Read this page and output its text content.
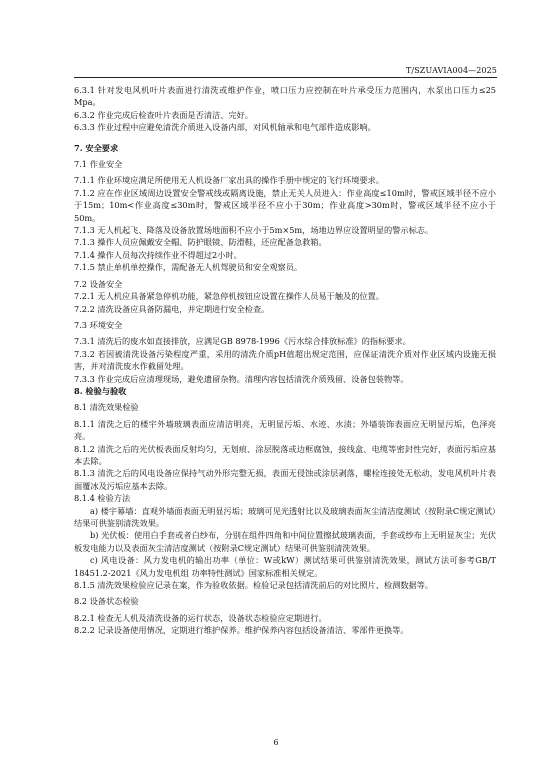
T/SZUAVIA004—2025

6.3.1 针对发电风机叶片表面进行清洗或维护作业，喷口压力应控制在叶片承受压力范围内，水泵出口压力≤25 Mpa。

6.3.2 作业完成后检查叶片表面是否清洁、完好。

6.3.3 作业过程中应避免清洗介质进入设备内部，对风机轴承和电气部件造成影响。

7. 安全要求

7.1 作业安全

7.1.1 作业环境应满足所使用无人机设备厂家出具的操作手册中规定的飞行环境要求。

7.1.2 应在作业区域周边设置安全警戒线或隔离设施，禁止无关人员进入：作业高度≤10m时，警戒区域半径不应小于15m；10m<作业高度≤30m时，警戒区域半径不应小于30m；作业高度>30m时，警戒区域半径不应小于50m。

7.1.3 无人机起飞、降落及设备放置场地面积不应小于5m×5m，场地边界应设置明显的警示标志。

7.1.3 操作人员应佩戴安全帽、防护眼镜、防滑鞋，还应配备急救箱。

7.1.4 操作人员每次持续作业不得超过2小时。

7.1.5 禁止单机单控操作，需配备无人机驾驶员和安全观察员。

7.2 设备安全

7.2.1 无人机应具备紧急停机功能，紧急停机按钮应设置在操作人员易于触及的位置。

7.2.2 清洗设备应具备防漏电，并定期进行安全检查。

7.3 环境安全

7.3.1 清洗后的废水如直接排放，应满足GB 8978-1996《污水综合排放标准》的指标要求。

7.3.2 若因被清洗设备污染程度严重，采用的清洗介质pH值超出规定范围，应保证清洗介质对作业区域内设施无损害，并对清洗废水作截留处理。

7.3.3 作业完成后应清理现场，避免遗留杂物。清理内容包括清洗介质残留、设备包装物等。

8. 检验与验收

8.1 清洗效果检验

8.1.1 清洗之后的楼宇外墙玻璃表面应清洁明亮，无明显污垢、水迹、水渍；外墙装饰表面应无明显污垢，色泽亮亮。

8.1.2 清洗之后的光伏板表面反射均匀，无划痕、涂层脱落或边框腐蚀，接线盒、电缆等密封性完好，表面污垢应基本去除。

8.1.3 清洗之后的风电设备应保持气动外形完整无损，表面无侵蚀或涂层剥落，螺栓连接处无松动，发电风机叶片表面覆冰及污垢应基本去除。

8.1.4 检验方法

a) 楼宇幕墙：直观外墙面表面无明显污垢；玻璃可见光透射比以及玻璃表面灰尘清洁度测试（按附录C规定测试）结果可供鉴别清洗效果。

b) 光伏板：使用白手套或者白纱布，分别在组件四角和中间位置擦拭玻璃表面，手套或纱布上无明显灰尘；光伏板发电能力以及表面灰尘清洁度测试（按附录C规定测试）结果可供鉴别清洗效果。

c) 风电设备：风力发电机的输出功率（单位：W或kW）测试结果可供鉴别清洗效果，测试方法可参考GB/T 18451.2-2021《风力发电机组 功率特性测试》国家标准相关规定。

8.1.5 清洗效果检验应记录在案，作为验收依据。检验记录包括清洗前后的对比照片、检测数据等。

8.2 设备状态检验

8.2.1 检查无人机及清洗设备的运行状态，设备状态检验应定期进行。

8.2.2 记录设备使用情况，定期进行维护保养。维护保养内容包括设备清洁、零部件更换等。

6
